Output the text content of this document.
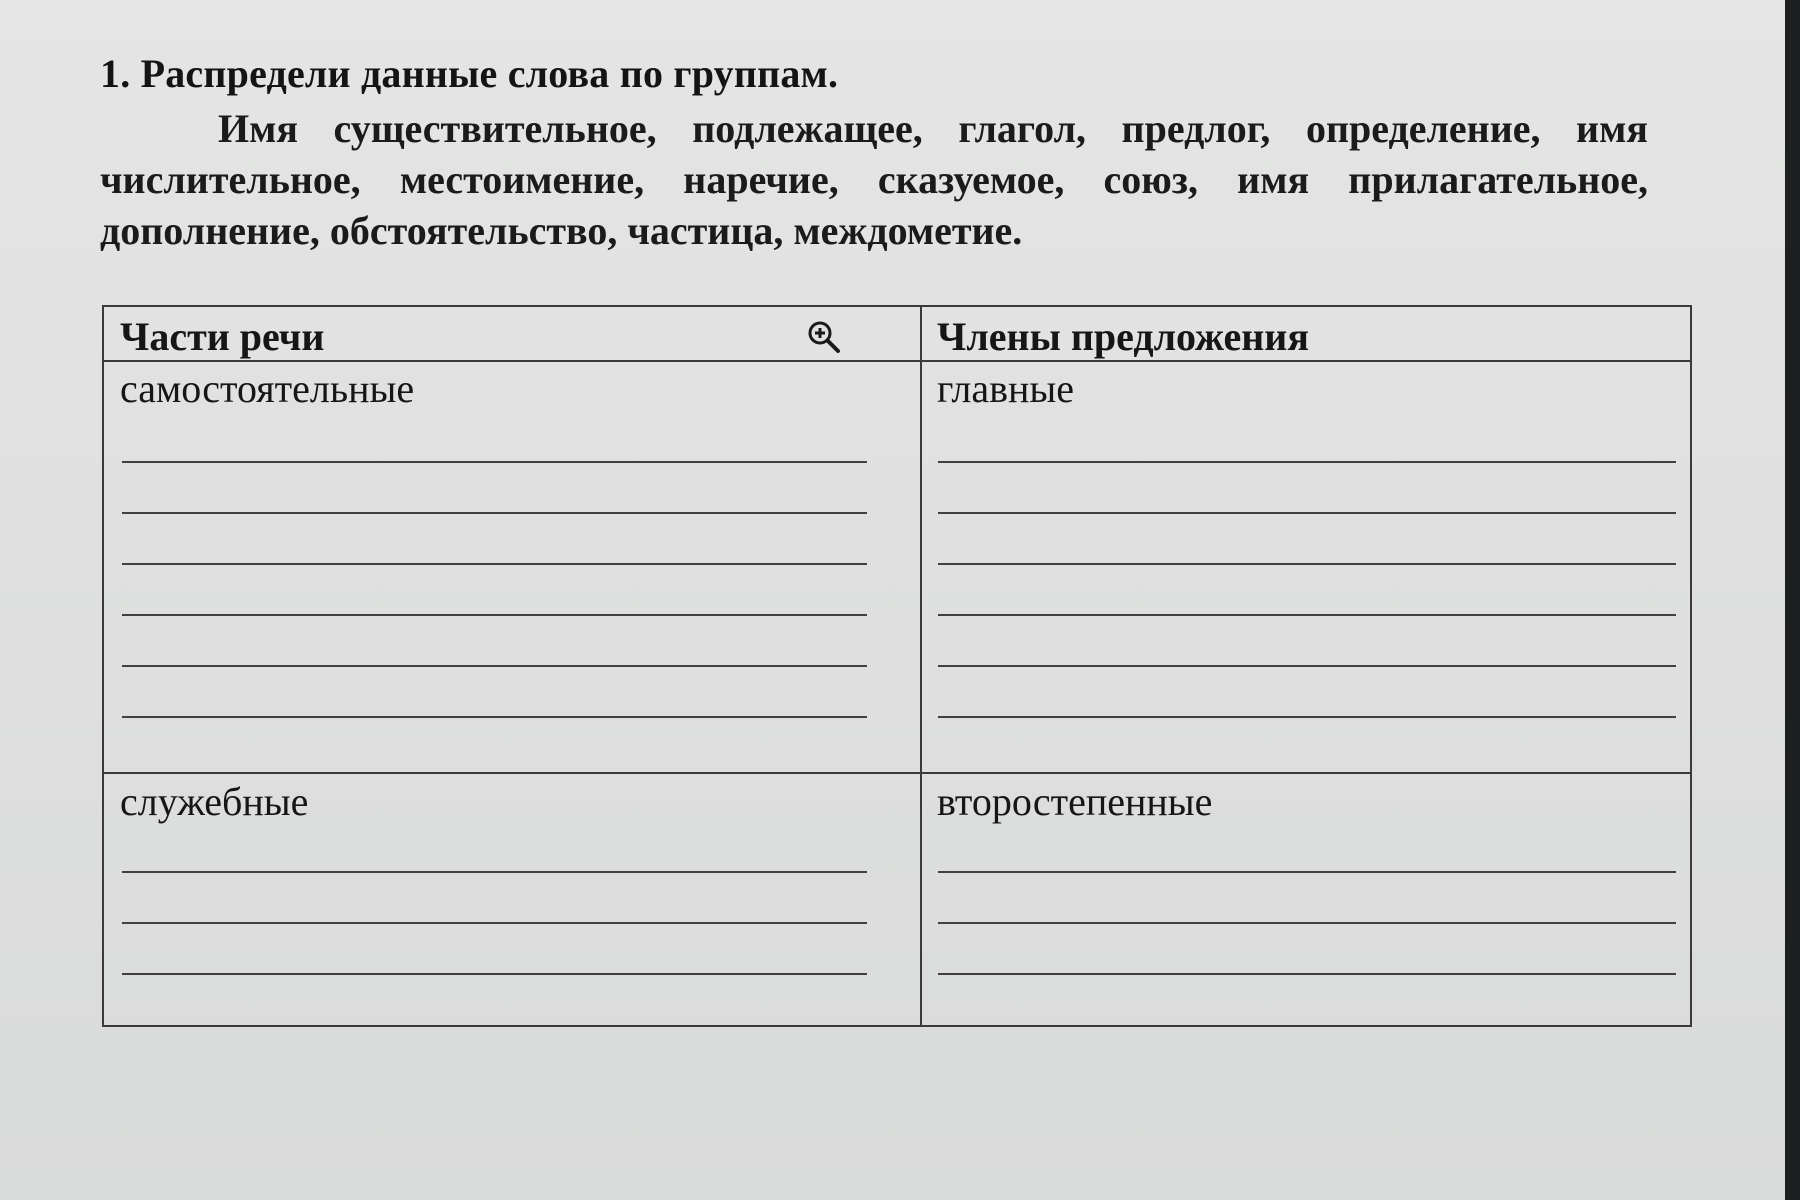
1. Распредели данные слова по группам.

Имя существительное, подлежащее, глагол, предлог, определение, имя числительное, местоимение, наречие, сказуемое, союз, имя прилагательное, дополнение, обстоятельство, частица, междометие.

Части речи	Члены предложения
самостоятельные	главные
служебные	второстепенные
